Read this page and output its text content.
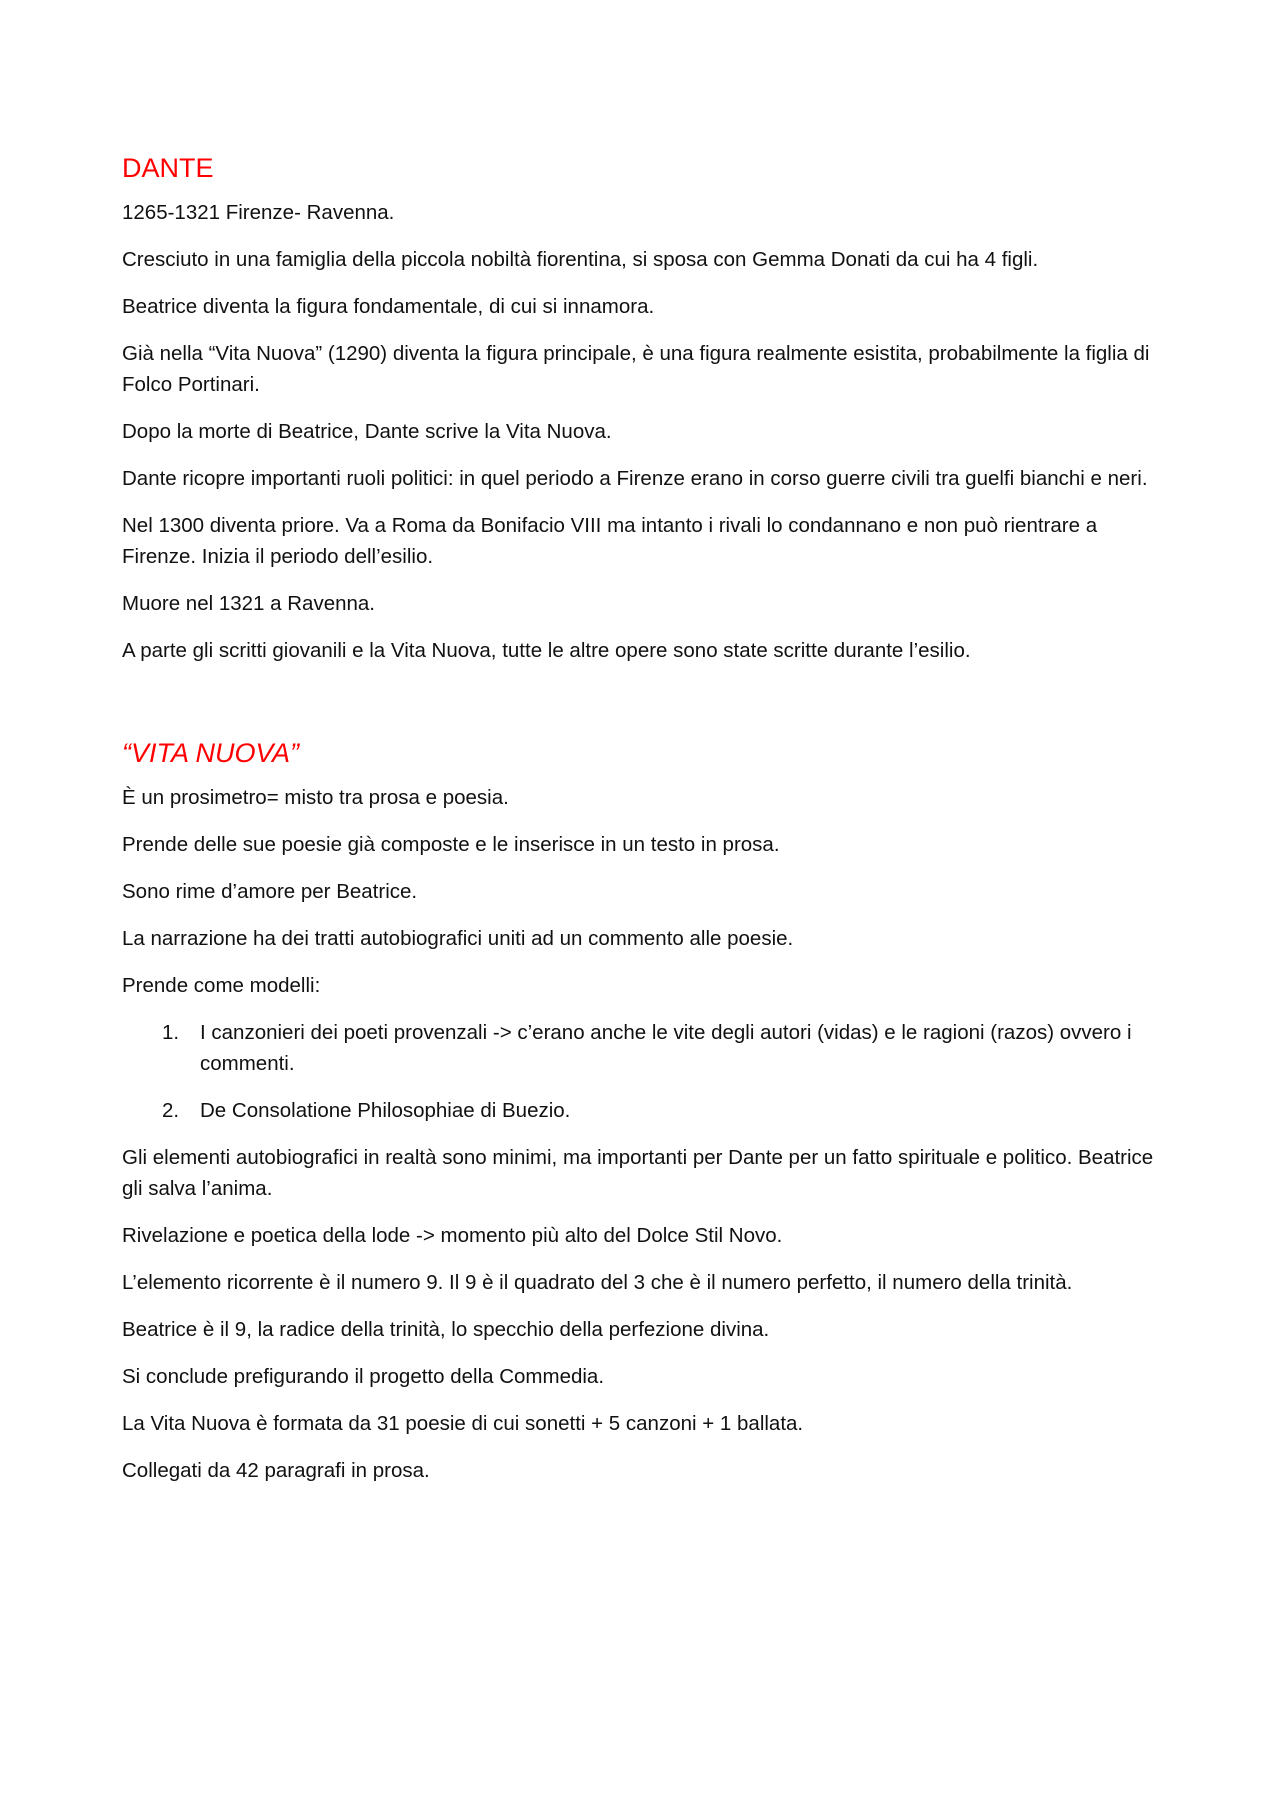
DANTE

1265-1321 Firenze- Ravenna.

Cresciuto in una famiglia della piccola nobiltà fiorentina, si sposa con Gemma Donati da cui ha 4 figli.

Beatrice diventa la figura fondamentale, di cui si innamora.

Già nella “Vita Nuova” (1290) diventa la figura principale, è una figura realmente esistita, probabilmente la figlia di Folco Portinari.

Dopo la morte di Beatrice, Dante scrive la Vita Nuova.

Dante ricopre importanti ruoli politici: in quel periodo a Firenze erano in corso guerre civili tra guelfi bianchi e neri.

Nel 1300 diventa priore. Va a Roma da Bonifacio VIII ma intanto i rivali lo condannano e non può rientrare a Firenze. Inizia il periodo dell’esilio.

Muore nel 1321 a Ravenna.

A parte gli scritti giovanili e la Vita Nuova, tutte le altre opere sono state scritte durante l’esilio.

“VITA NUOVA”

È un prosimetro= misto tra prosa e poesia.

Prende delle sue poesie già composte e le inserisce in un testo in prosa.

Sono rime d’amore per Beatrice.

La narrazione ha dei tratti autobiografici uniti ad un commento alle poesie.

Prende come modelli:

1.	I canzonieri dei poeti provenzali -> c’erano anche le vite degli autori (vidas) e le ragioni (razos) ovvero i commenti.
2.	De Consolatione Philosophiae di Buezio.

Gli elementi autobiografici in realtà sono minimi, ma importanti per Dante per un fatto spirituale e politico. Beatrice gli salva l’anima.

Rivelazione e poetica della lode -> momento più alto del Dolce Stil Novo.

L’elemento ricorrente è il numero 9. Il 9 è il quadrato del 3 che è il numero perfetto, il numero della trinità.

Beatrice è il 9, la radice della trinità, lo specchio della perfezione divina.

Si conclude prefigurando il progetto della Commedia.

La Vita Nuova è formata da 31 poesie di cui sonetti + 5 canzoni + 1 ballata.

Collegati da 42 paragrafi in prosa.
